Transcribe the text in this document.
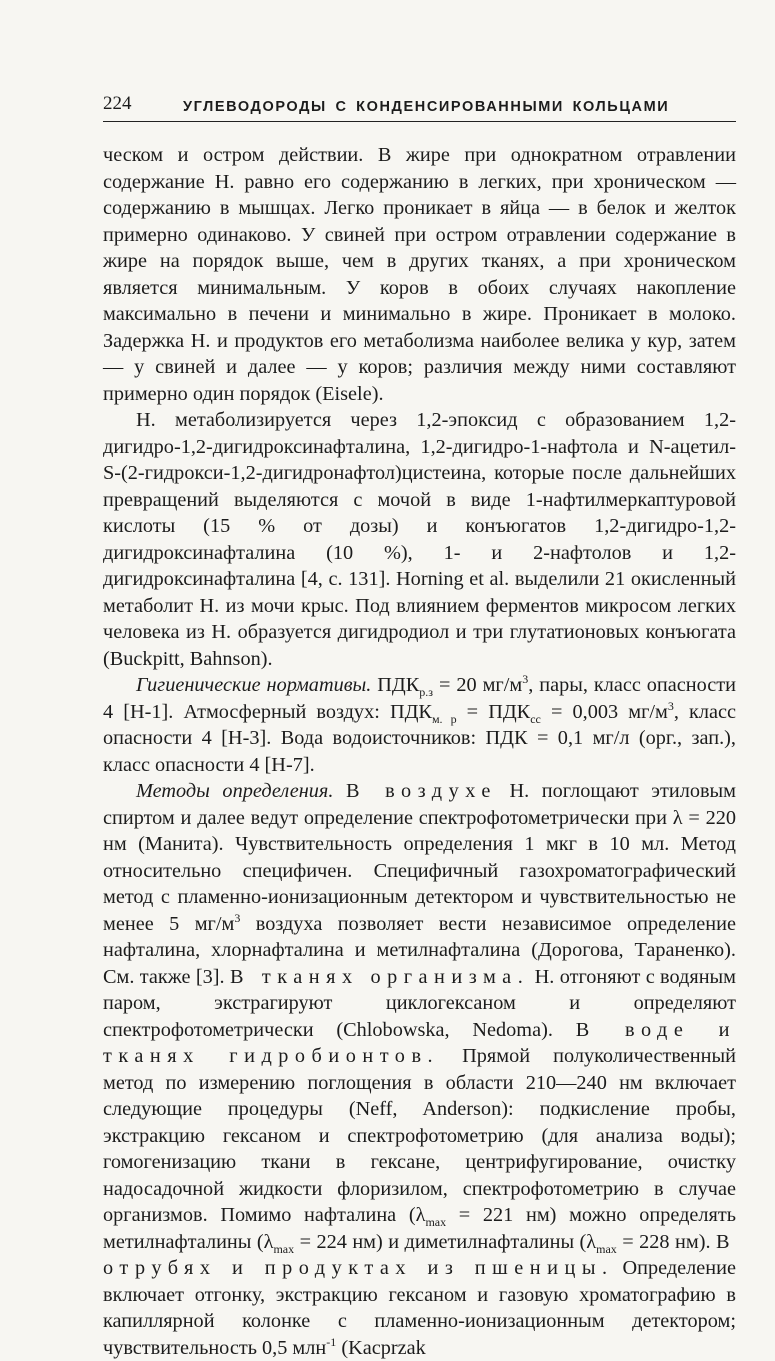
224	УГЛЕВОДОРОДЫ С КОНДЕНСИРОВАННЫМИ КОЛЬЦАМИ

ческом и остром действии. В жире при однократном отравлении содержание Н. равно его содержанию в легких, при хроническом — содержанию в мышцах. Легко проникает в яйца — в белок и желток примерно одинаково. У свиней при остром отравлении содержание в жире на порядок выше, чем в других тканях, а при хроническом является минимальным. У коров в обоих случаях накопление максимально в печени и минимально в жире. Проникает в молоко. Задержка Н. и продуктов его метаболизма наиболее велика у кур, затем — у свиней и далее — у коров; различия между ними составляют примерно один порядок (Eisele).

Н. метаболизируется через 1,2-эпоксид с образованием 1,2-дигидро-1,2-дигидроксинафталина, 1,2-дигидро-1-нафтола и N-ацетил-S-(2-гидрокси-1,2-дигидронафтол)цистеина, которые после дальнейших превращений выделяются с мочой в виде 1-нафтилмеркаптуровой кислоты (15 % от дозы) и конъюгатов 1,2-дигидро-1,2-дигидроксинафталина (10 %), 1- и 2-нафтолов и 1,2-дигидроксинафталина [4, с. 131]. Horning et al. выделили 21 окисленный метаболит Н. из мочи крыс. Под влиянием ферментов микросом легких человека из Н. образуется дигидродиол и три глутатионовых конъюгата (Buckpitt, Bahnson).

Гигиенические нормативы. $ПДК_{р.з} = 20$ $мг/м^3$, пары, класс опасности 4 [Н-1]. Атмосферный воздух: $ПДК_{м. р} = ПДК_{сс} = 0,003$ $мг/м^3$, класс опасности 4 [Н-3]. Вода водоисточников: ПДК = 0,1 мг/л (орг., зап.), класс опасности 4 [Н-7].

Методы определения. В воздухе Н. поглощают этиловым спиртом и далее ведут определение спектрофотометрически при λ = 220 нм (Манита). Чувствительность определения 1 мкг в 10 мл. Метод относительно специфичен. Специфичный газохроматографический метод с пламенно-ионизационным детектором и чувствительностью не менее 5 $мг/м^3$ воздуха позволяет вести независимое определение нафталина, хлорнафталина и метилнафталина (Дорогова, Тараненко). См. также [3]. В тканях организма. Н. отгоняют с водяным паром, экстрагируют циклогексаном и определяют спектрофотометрически (Chlobowska, Nedoma). В воде и тканях гидробионтов. Прямой полуколичественный метод по измерению поглощения в области 210—240 нм включает следующие процедуры (Neff, Anderson): подкисление пробы, экстракцию гексаном и спектрофотометрию (для анализа воды); гомогенизацию ткани в гексане, центрифугирование, очистку надосадочной жидкости флоризилом, спектрофотометрию в случае организмов. Помимо нафталина ($\lambda_{max} = 221$ нм) можно определять метилнафталины ($\lambda_{max} = 224$ нм) и диметилнафталины ($\lambda_{max} = 228$ нм). В отрубях и продуктах из пшеницы. Определение включает отгонку, экстракцию гексаном и газовую хроматографию в капиллярной колонке с пламенно-ионизационным детектором; чувствительность 0,5 млн$^{-1}$ (Kacprzak
